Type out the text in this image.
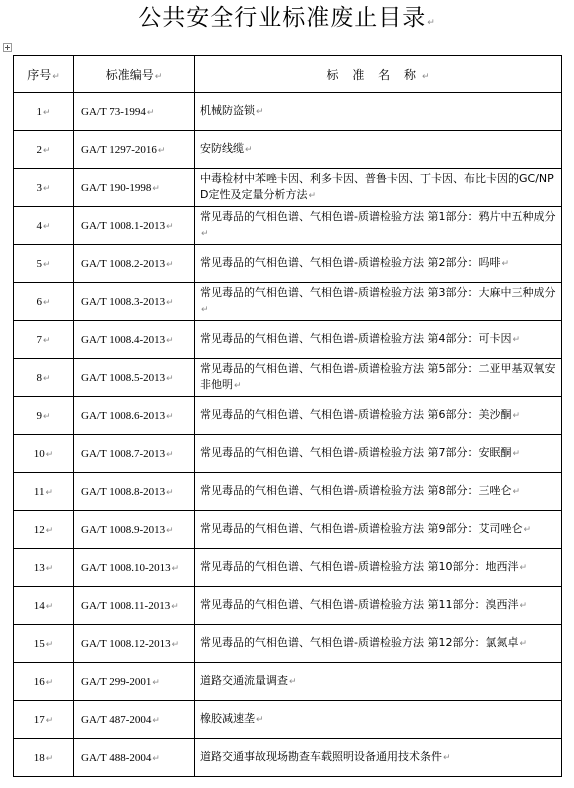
公共安全行业标准废止目录↵
序号↵	标准编号↵	标 准 名 称↵
1↵	GA/T 73-1994↵	机械防盗锁↵
2↵	GA/T 1297-2016↵	安防线缆↵
3↵	GA/T 190-1998↵	中毒检材中苯唑卡因、利多卡因、普鲁卡因、丁卡因、布比卡因的GC/NPD定性及定量分析方法↵
4↵	GA/T 1008.1-2013↵	常见毒品的气相色谱、气相色谱-质谱检验方法 第1部分：鸦片中五种成分↵
5↵	GA/T 1008.2-2013↵	常见毒品的气相色谱、气相色谱-质谱检验方法 第2部分：吗啡↵
6↵	GA/T 1008.3-2013↵	常见毒品的气相色谱、气相色谱-质谱检验方法 第3部分：大麻中三种成分↵
7↵	GA/T 1008.4-2013↵	常见毒品的气相色谱、气相色谱-质谱检验方法 第4部分：可卡因↵
8↵	GA/T 1008.5-2013↵	常见毒品的气相色谱、气相色谱-质谱检验方法 第5部分：二亚甲基双氧安非他明↵
9↵	GA/T 1008.6-2013↵	常见毒品的气相色谱、气相色谱-质谱检验方法 第6部分：美沙酮↵
10↵	GA/T 1008.7-2013↵	常见毒品的气相色谱、气相色谱-质谱检验方法 第7部分：安眠酮↵
11↵	GA/T 1008.8-2013↵	常见毒品的气相色谱、气相色谱-质谱检验方法 第8部分：三唑仑↵
12↵	GA/T 1008.9-2013↵	常见毒品的气相色谱、气相色谱-质谱检验方法 第9部分：艾司唑仑↵
13↵	GA/T 1008.10-2013↵	常见毒品的气相色谱、气相色谱-质谱检验方法 第10部分：地西泮↵
14↵	GA/T 1008.11-2013↵	常见毒品的气相色谱、气相色谱-质谱检验方法 第11部分：溴西泮↵
15↵	GA/T 1008.12-2013↵	常见毒品的气相色谱、气相色谱-质谱检验方法 第12部分：氯氮卓↵
16↵	GA/T 299-2001↵	道路交通流量调查↵
17↵	GA/T 487-2004↵	橡胶减速垄↵
18↵	GA/T 488-2004↵	道路交通事故现场勘查车载照明设备通用技术条件↵
